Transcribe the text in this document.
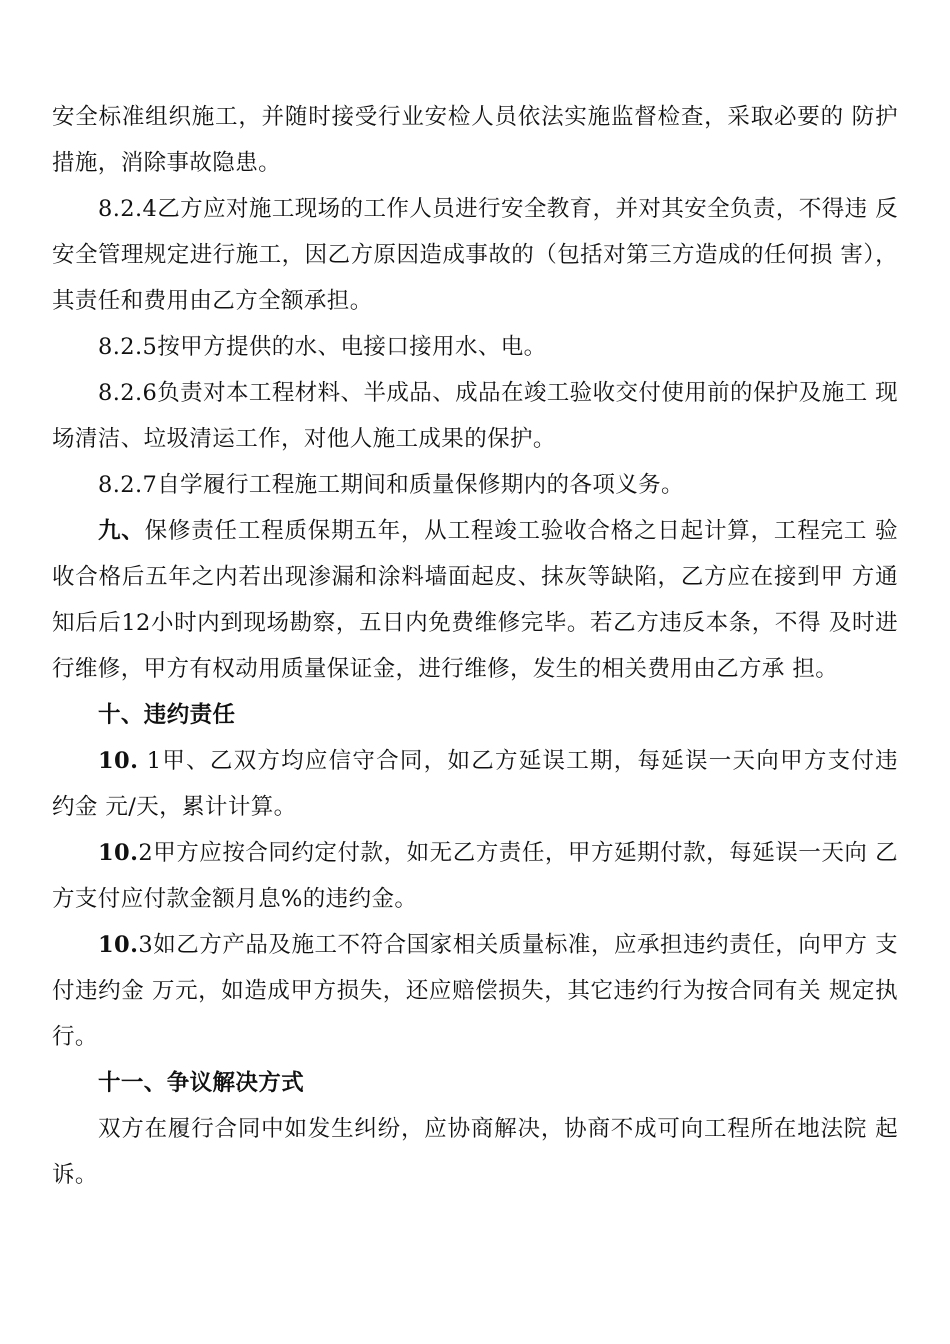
安全标准组织施工，并随时接受行业安检人员依法实施监督检查，采取必要的 防护措施，消除事故隐患。

8.2.4乙方应对施工现场的工作人员进行安全教育，并对其安全负责，不得违 反安全管理规定进行施工，因乙方原因造成事故的（包括对第三方造成的任何损 害），其责任和费用由乙方全额承担。

8.2.5按甲方提供的水、电接口接用水、电。

8.2.6负责对本工程材料、半成品、成品在竣工验收交付使用前的保护及施工 现场清洁、垃圾清运工作，对他人施工成果的保护。

8.2.7自学履行工程施工期间和质量保修期内的各项义务。

九、保修责任工程质保期五年，从工程竣工验收合格之日起计算，工程完工 验收合格后五年之内若出现渗漏和涂料墙面起皮、抹灰等缺陷，乙方应在接到甲 方通知后后12小时内到现场勘察，五日内免费维修完毕。若乙方违反本条，不得 及时进行维修，甲方有权动用质量保证金，进行维修，发生的相关费用由乙方承 担。

十、违约责任

10. 1甲、乙双方均应信守合同，如乙方延误工期，每延误一天向甲方支付违 约金 元/天，累计计算。

10.2甲方应按合同约定付款，如无乙方责任，甲方延期付款，每延误一天向 乙方支付应付款金额月息%的违约金。

10.3如乙方产品及施工不符合国家相关质量标准，应承担违约责任，向甲方 支付违约金 万元，如造成甲方损失，还应赔偿损失，其它违约行为按合同有关 规定执行。

十一、争议解决方式

双方在履行合同中如发生纠纷，应协商解决，协商不成可向工程所在地法院 起诉。
